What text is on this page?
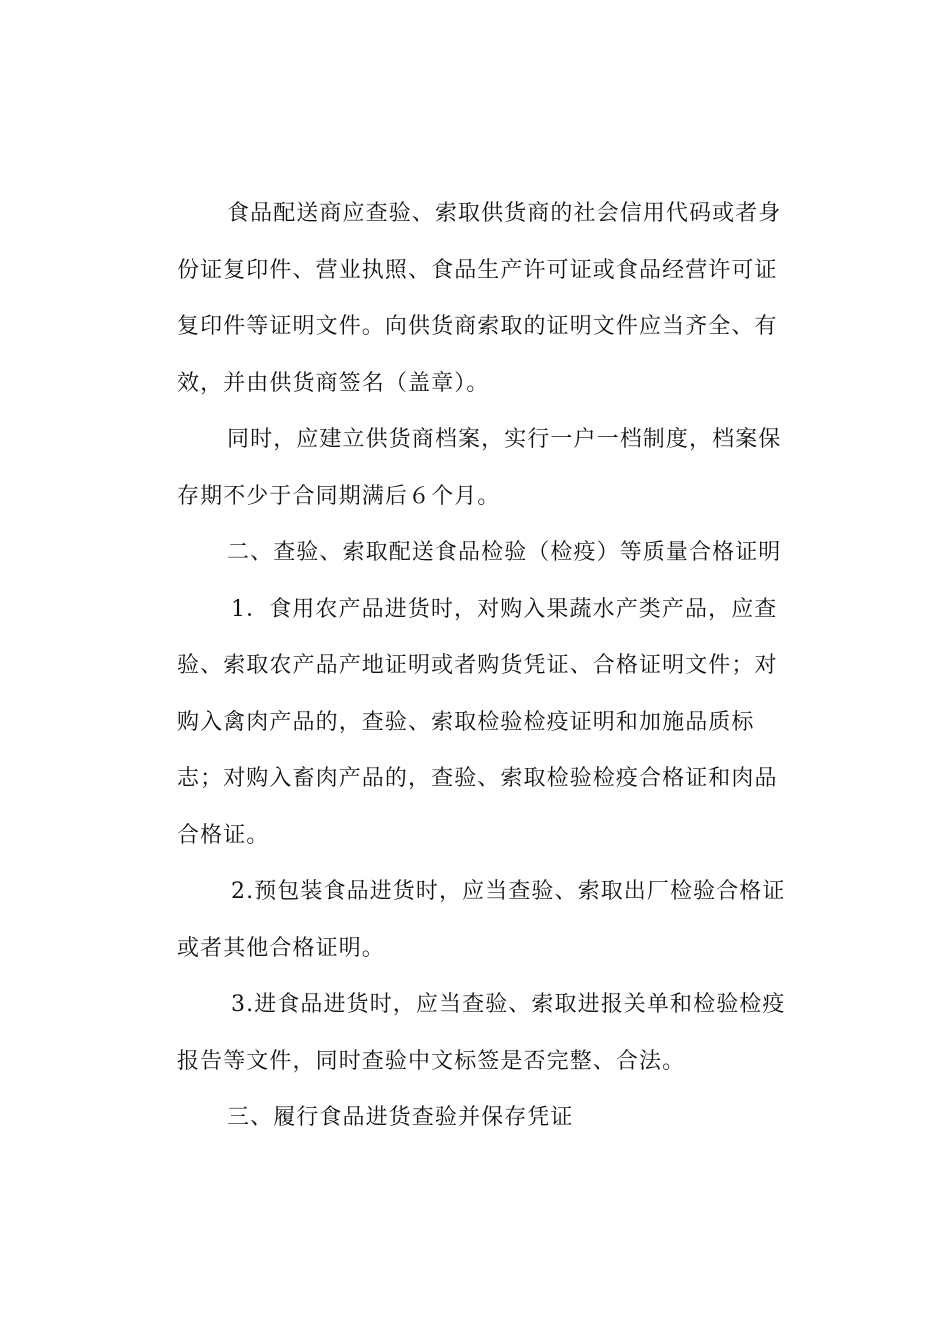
食品配送商应查验、索取供货商的社会信用代码或者身

份证复印件、营业执照、食品生产许可证或食品经营许可证

复印件等证明文件。向供货商索取的证明文件应当齐全、有

效，并由供货商签名（盖章）。

同时，应建立供货商档案，实行一户一档制度，档案保

存期不少于合同期满后６个月。

二、查验、索取配送食品检验（检疫）等质量合格证明

1．食用农产品进货时，对购入果蔬水产类产品，应查

验、索取农产品产地证明或者购货凭证、合格证明文件；对

购入禽肉产品的，查验、索取检验检疫证明和加施品质标

志；对购入畜肉产品的，查验、索取检验检疫合格证和肉品

合格证。

2.预包装食品进货时，应当查验、索取出厂检验合格证

或者其他合格证明。

3.进食品进货时，应当查验、索取进报关单和检验检疫

报告等文件，同时查验中文标签是否完整、合法。

三、履行食品进货查验并保存凭证
